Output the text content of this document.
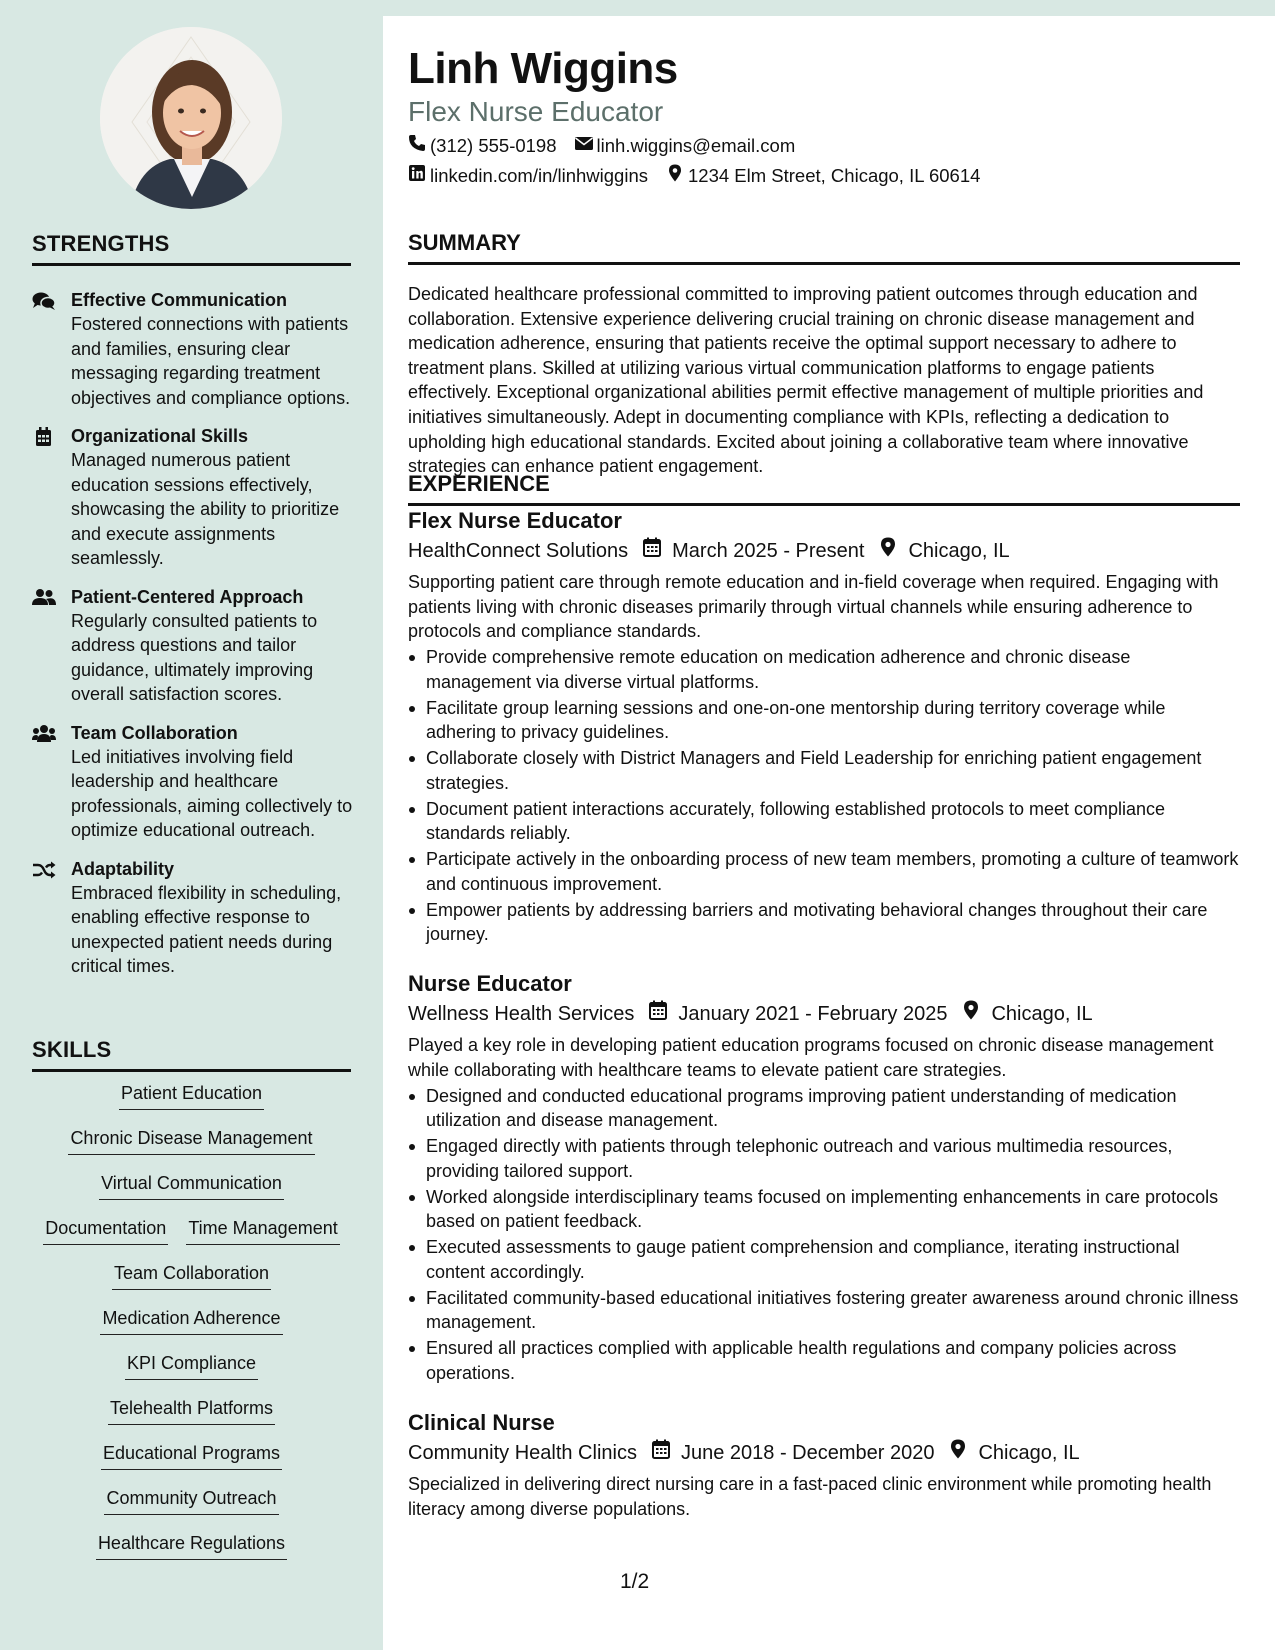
STRENGTHS
Effective Communication
Fostered connections with patients and families, ensuring clear messaging regarding treatment objectives and compliance options.
Organizational Skills
Managed numerous patient education sessions effectively, showcasing the ability to prioritize and execute assignments seamlessly.
Patient-Centered Approach
Regularly consulted patients to address questions and tailor guidance, ultimately improving overall satisfaction scores.
Team Collaboration
Led initiatives involving field leadership and healthcare professionals, aiming collectively to optimize educational outreach.
Adaptability
Embraced flexibility in scheduling, enabling effective response to unexpected patient needs during critical times.
SKILLS
Patient Education
Chronic Disease Management
Virtual Communication
Documentation Time Management
Team Collaboration
Medication Adherence
KPI Compliance
Telehealth Platforms
Educational Programs
Community Outreach
Healthcare Regulations
Linh Wiggins
Flex Nurse Educator
(312) 555-0198 linh.wiggins@email.com
linkedin.com/in/linhwiggins 1234 Elm Street, Chicago, IL 60614
SUMMARY
Dedicated healthcare professional committed to improving patient outcomes through education and collaboration. Extensive experience delivering crucial training on chronic disease management and medication adherence, ensuring that patients receive the optimal support necessary to adhere to treatment plans. Skilled at utilizing various virtual communication platforms to engage patients effectively. Exceptional organizational abilities permit effective management of multiple priorities and initiatives simultaneously. Adept in documenting compliance with KPIs, reflecting a dedication to upholding high educational standards. Excited about joining a collaborative team where innovative strategies can enhance patient engagement.
EXPERIENCE
Flex Nurse Educator
HealthConnect Solutions March 2025 - Present Chicago, IL
Supporting patient care through remote education and in-field coverage when required. Engaging with patients living with chronic diseases primarily through virtual channels while ensuring adherence to protocols and compliance standards.
Provide comprehensive remote education on medication adherence and chronic disease management via diverse virtual platforms.
Facilitate group learning sessions and one-on-one mentorship during territory coverage while adhering to privacy guidelines.
Collaborate closely with District Managers and Field Leadership for enriching patient engagement strategies.
Document patient interactions accurately, following established protocols to meet compliance standards reliably.
Participate actively in the onboarding process of new team members, promoting a culture of teamwork and continuous improvement.
Empower patients by addressing barriers and motivating behavioral changes throughout their care journey.
Nurse Educator
Wellness Health Services January 2021 - February 2025 Chicago, IL
Played a key role in developing patient education programs focused on chronic disease management while collaborating with healthcare teams to elevate patient care strategies.
Designed and conducted educational programs improving patient understanding of medication utilization and disease management.
Engaged directly with patients through telephonic outreach and various multimedia resources, providing tailored support.
Worked alongside interdisciplinary teams focused on implementing enhancements in care protocols based on patient feedback.
Executed assessments to gauge patient comprehension and compliance, iterating instructional content accordingly.
Facilitated community-based educational initiatives fostering greater awareness around chronic illness management.
Ensured all practices complied with applicable health regulations and company policies across operations.
Clinical Nurse
Community Health Clinics June 2018 - December 2020 Chicago, IL
Specialized in delivering direct nursing care in a fast-paced clinic environment while promoting health literacy among diverse populations.
1/2
